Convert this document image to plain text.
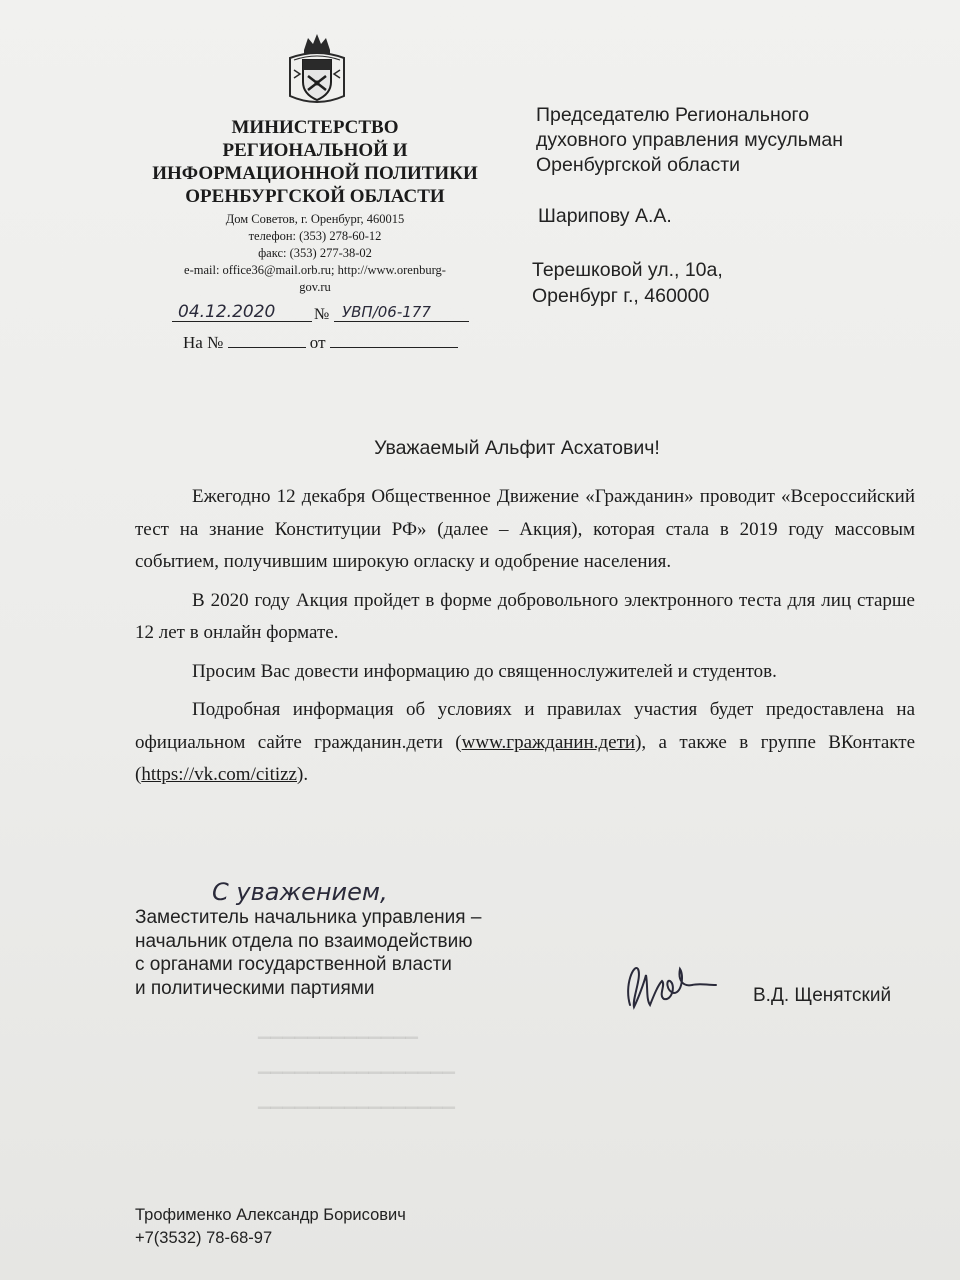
МИНИСТЕРСТВО
РЕГИОНАЛЬНОЙ И
ИНФОРМАЦИОННОЙ ПОЛИТИКИ
ОРЕНБУРГСКОЙ ОБЛАСТИ
Дом Советов, г. Оренбург, 460015
телефон: (353) 278-60-12
факс: (353) 277-38-02
e-mail: office36@mail.orb.ru; http://www.orenburg-
gov.ru
04.12.2020 № УВП/06-177
На №	от
Председателю Регионального
духовного управления мусульман
Оренбургской области
Шарипову А.А.
Терешковой ул., 10а,
Оренбург г., 460000
Уважаемый Альфит Асхатович!

Ежегодно 12 декабря Общественное Движение «Гражданин» проводит «Всероссийский тест на знание Конституции РФ» (далее – Акция), которая стала в 2019 году массовым событием, получившим широкую огласку и одобрение населения.

В 2020 году Акция пройдет в форме добровольного электронного теста для лиц старше 12 лет в онлайн формате.

Просим Вас довести информацию до священнослужителей и студентов.

Подробная информация об условиях и правилах участия будет предоставлена на официальном сайте гражданин.дети (www.гражданин.дети), а также в группе ВКонтакте (https://vk.com/citizz).

▁▁▁▁▁▁▁▁▁▁▁▁▁
▁▁▁▁▁▁▁▁▁▁▁▁▁▁▁▁
▁▁▁▁▁▁▁▁▁▁▁▁▁▁▁▁
С уважением,
Заместитель начальника управления –
начальник отдела по взаимодействию
с органами государственной власти
и политическими партиями	В.Д. Щенятский
Трофименко Александр Борисович
+7(3532) 78-68-97
